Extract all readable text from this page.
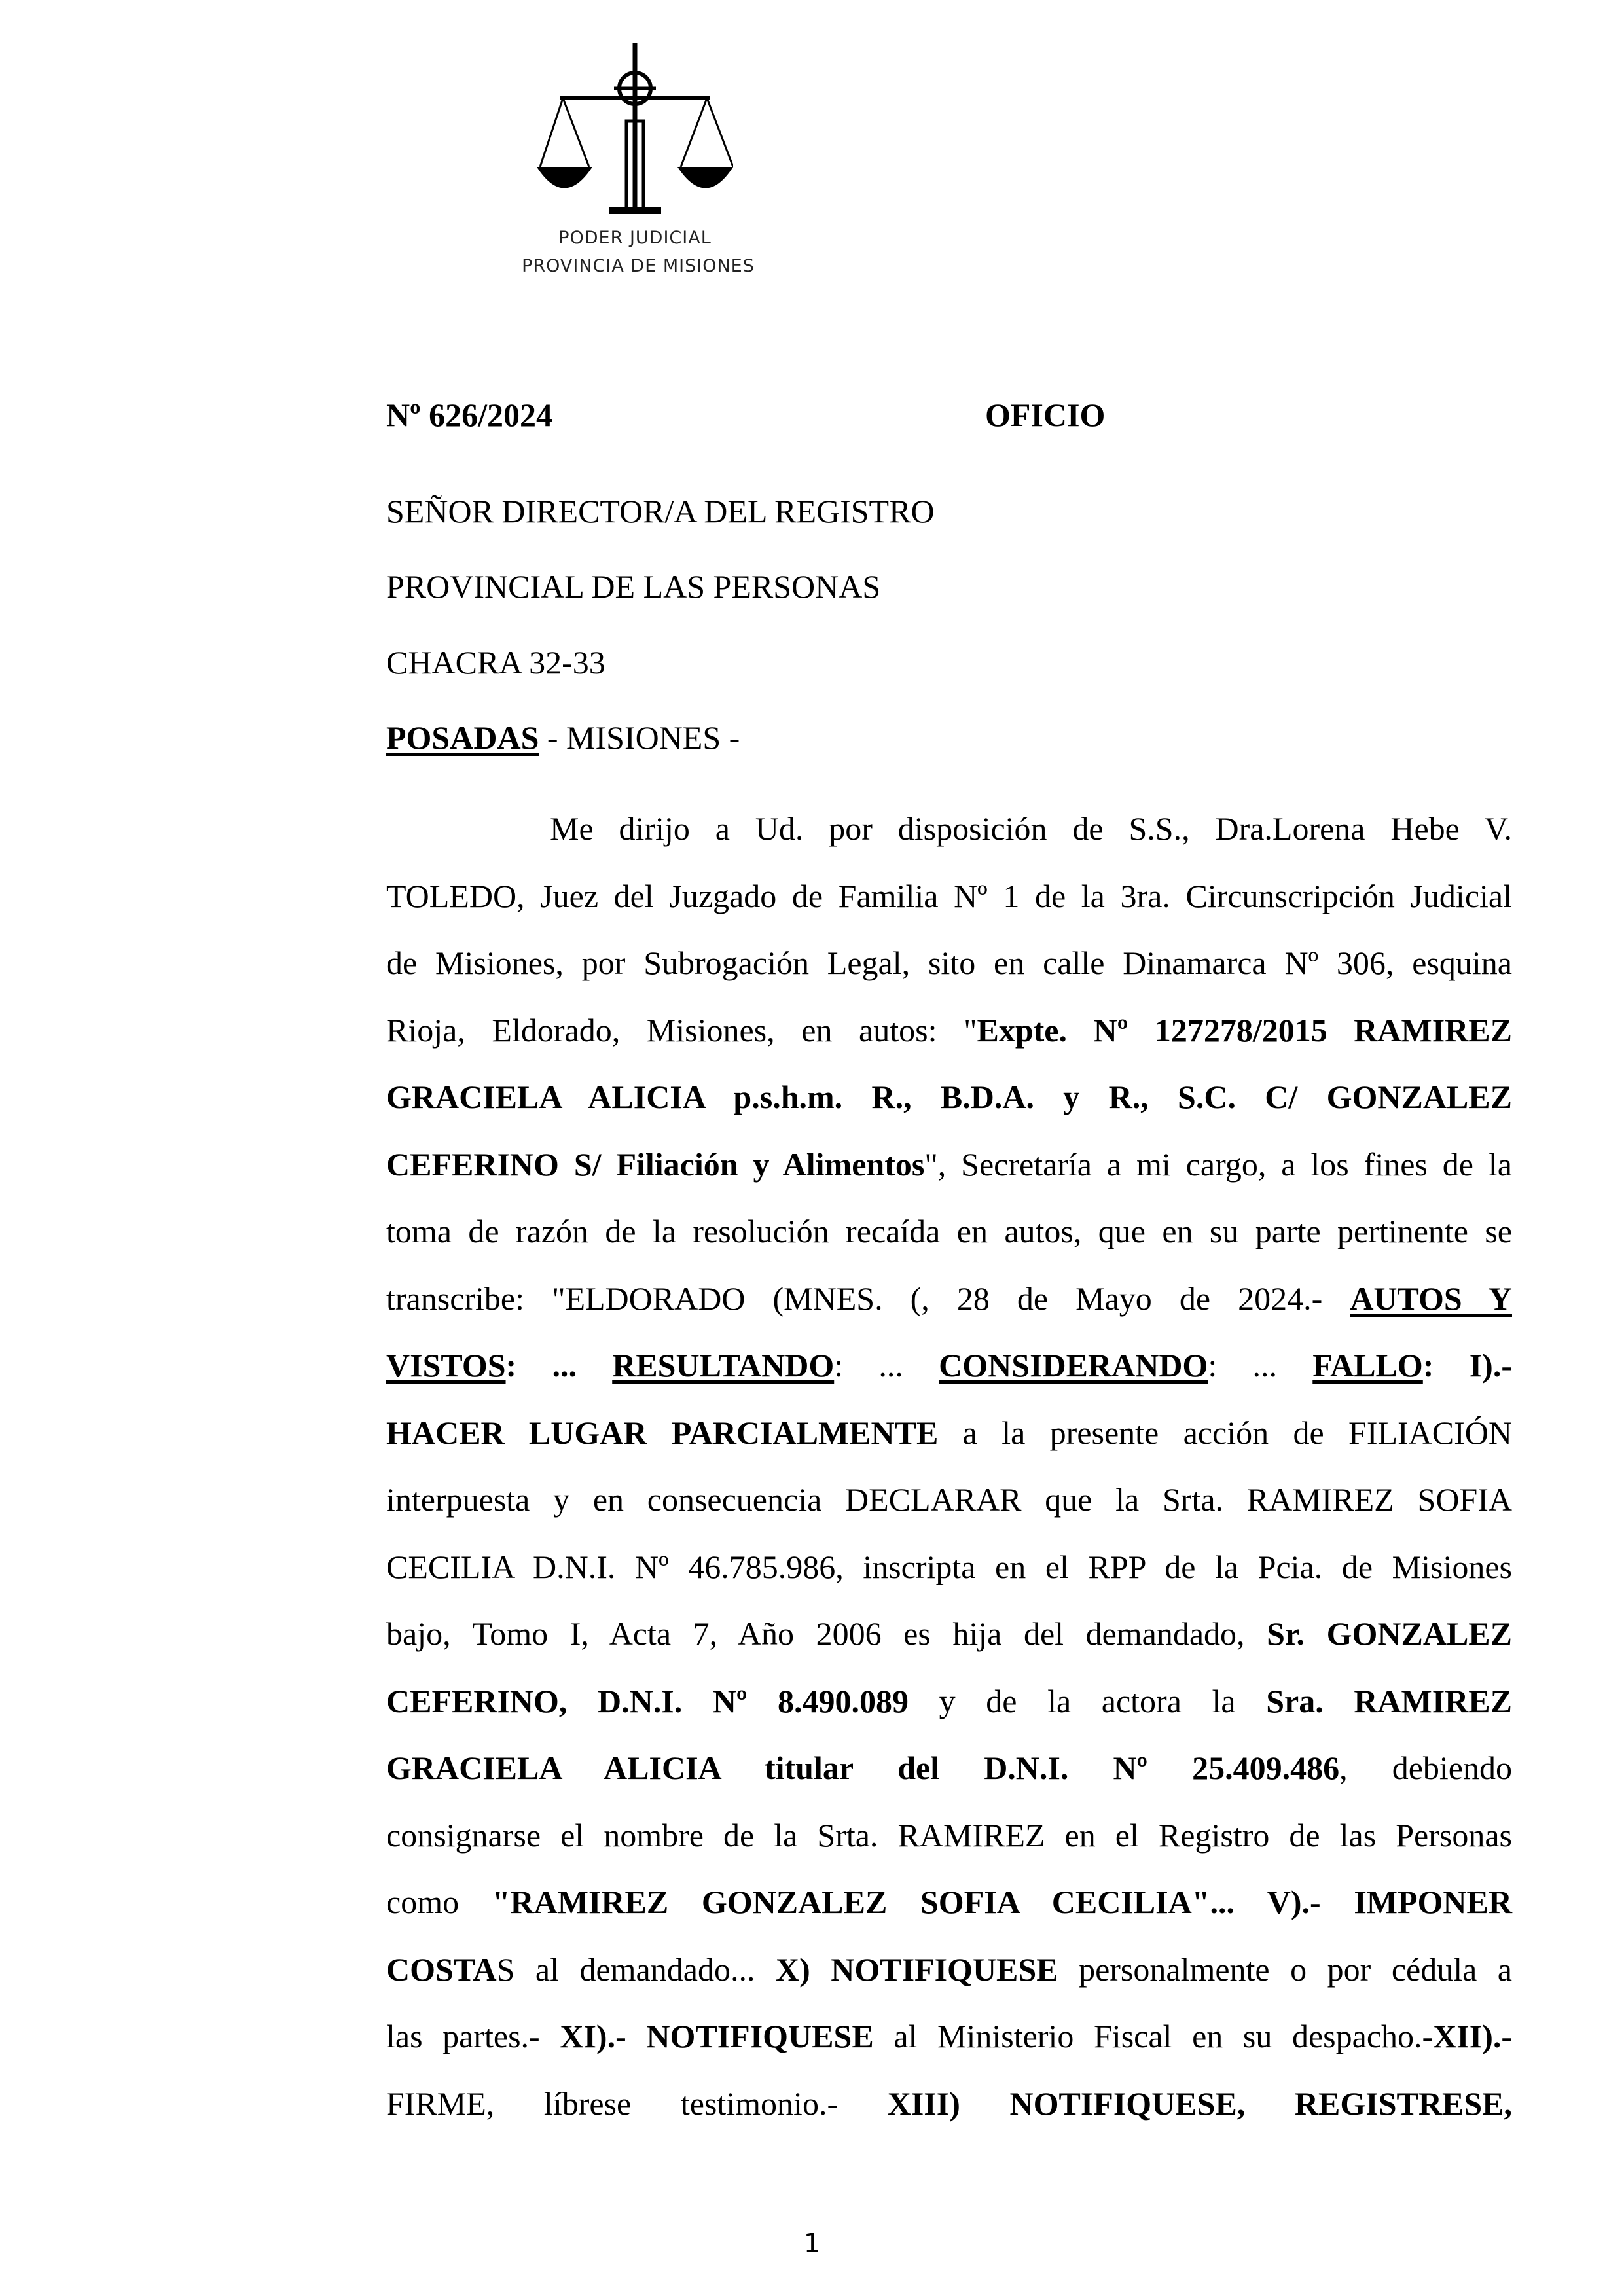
PODER JUDICIAL
PROVINCIA DE MISIONES
Nº 626/2024	OFICIO
SEÑOR DIRECTOR/A DEL REGISTRO
PROVINCIAL DE LAS PERSONAS
CHACRA 32-33
POSADAS - MISIONES -
Me dirijo a Ud. por disposición de S.S., Dra.Lorena Hebe V.
TOLEDO, Juez del Juzgado de Familia Nº 1 de la 3ra. Circunscripción Judicial
de Misiones, por Subrogación Legal, sito en calle Dinamarca Nº 306, esquina
Rioja, Eldorado, Misiones, en autos: "Expte. Nº 127278/2015 RAMIREZ
GRACIELA ALICIA p.s.h.m. R., B.D.A. y R., S.C. C/ GONZALEZ
CEFERINO S/ Filiación y Alimentos", Secretaría a mi cargo, a los fines de la
toma de razón de la resolución recaída en autos, que en su parte pertinente se
transcribe: "ELDORADO (MNES. (, 28 de Mayo de 2024.- AUTOS Y
VISTOS: ... RESULTANDO: ... CONSIDERANDO: ... FALLO: I).-
HACER LUGAR PARCIALMENTE a la presente acción de FILIACIÓN
interpuesta y en consecuencia DECLARAR que la Srta. RAMIREZ SOFIA
CECILIA D.N.I. Nº 46.785.986, inscripta en el RPP de la Pcia. de Misiones
bajo, Tomo I, Acta 7, Año 2006 es hija del demandado, Sr. GONZALEZ
CEFERINO, D.N.I. Nº 8.490.089 y de la actora la Sra. RAMIREZ
GRACIELA ALICIA titular del D.N.I. Nº 25.409.486, debiendo
consignarse el nombre de la Srta. RAMIREZ en el Registro de las Personas
como "RAMIREZ GONZALEZ SOFIA CECILIA"... V).- IMPONER
COSTAS al demandado... X) NOTIFIQUESE personalmente o por cédula a
las partes.- XI).- NOTIFIQUESE al Ministerio Fiscal en su despacho.-XII).-
FIRME, líbrese testimonio.- XIII) NOTIFIQUESE, REGISTRESE,
1
